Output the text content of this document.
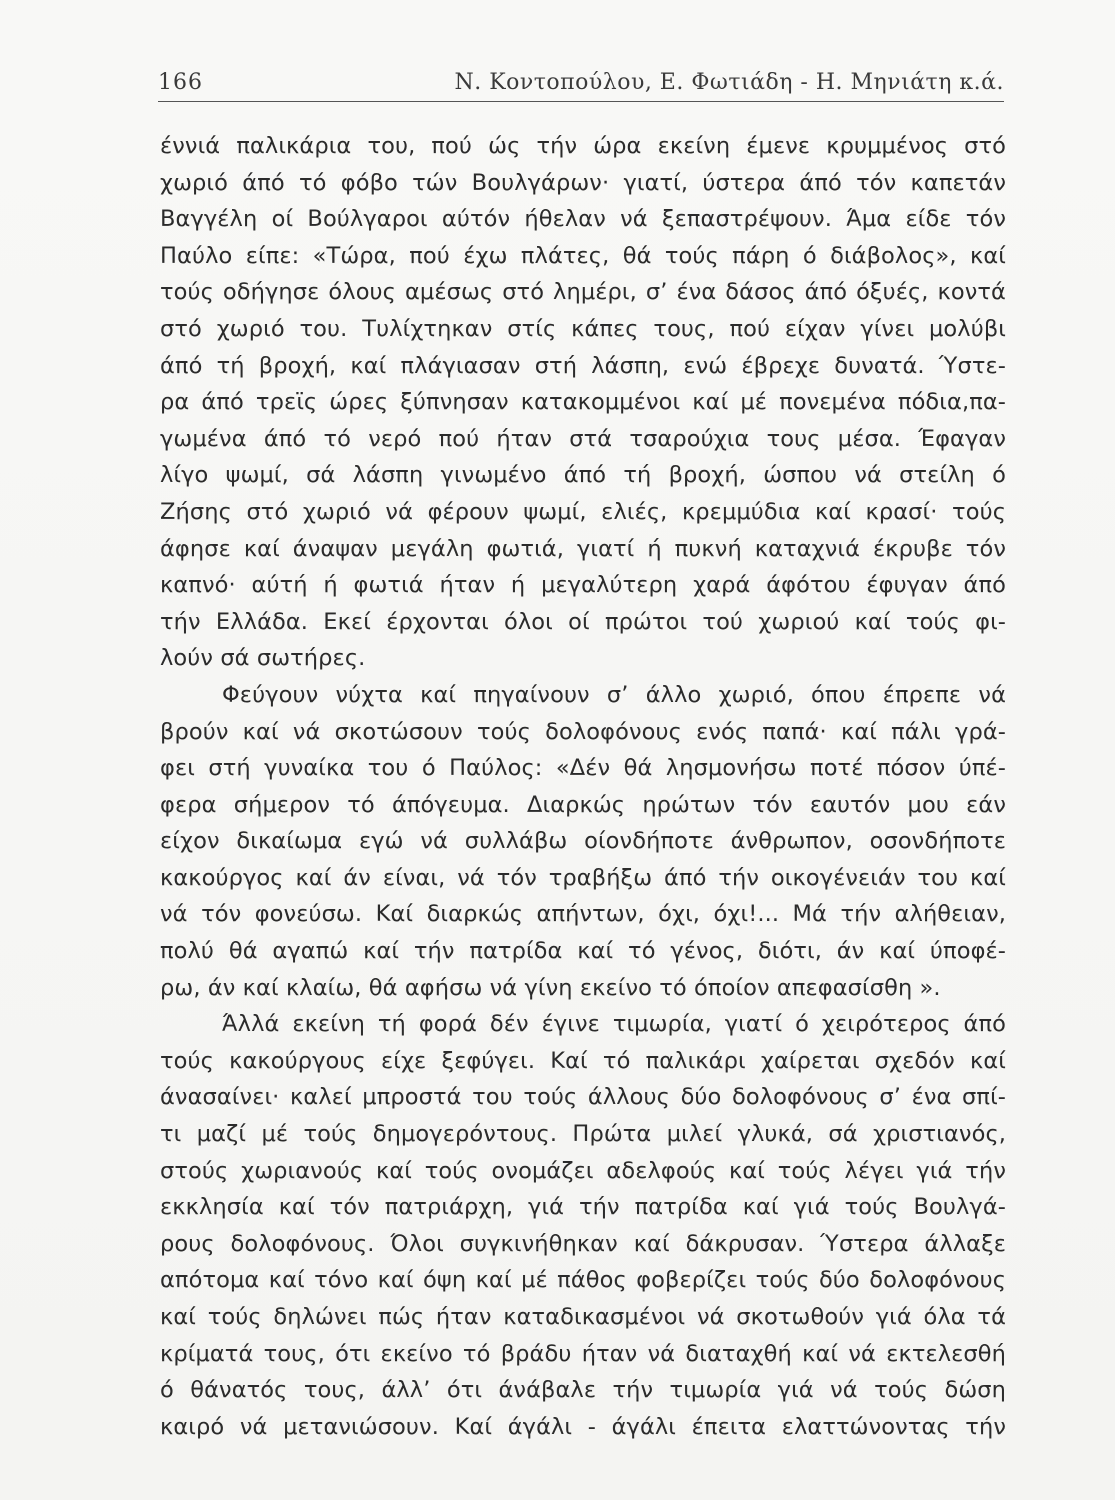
166	Ν. Κοντοπούλου, Ε. Φωτιάδη - Η. Μηνιάτη κ.ά.
έννιά παλικάρια του, πού ώς τήν ώρα εκείνη έμενε κρυμμένος στό
χωριό άπό τό φόβο τών Βουλγάρων· γιατί, ύστερα άπό τόν καπετάν
Βαγγέλη οί Βούλγαροι αύτόν ήθελαν νά ξεπαστρέψουν. Άμα είδε τόν
Παύλο είπε: «Τώρα, πού έχω πλάτες, θά τούς πάρη ό διάβολος», καί
τούς οδήγησε όλους αμέσως στό λημέρι, σ’ ένα δάσος άπό όξυές, κοντά
στό χωριό του. Τυλίχτηκαν στίς κάπες τους, πού είχαν γίνει μολύβι
άπό τή βροχή, καί πλάγιασαν στή λάσπη, ενώ έβρεχε δυνατά. Ύστε-
ρα άπό τρεϊς ώρες ξύπνησαν κατακομμένοι καί μέ πονεμένα πόδια,πα-
γωμένα άπό τό νερό πού ήταν στά τσαρούχια τους μέσα. Έφαγαν
λίγο ψωμί, σά λάσπη γινωμένο άπό τή βροχή, ώσπου νά στείλη ό
Ζήσης στό χωριό νά φέρουν ψωμί, ελιές, κρεμμύδια καί κρασί· τούς
άφησε καί άναψαν μεγάλη φωτιά, γιατί ή πυκνή καταχνιά έκρυβε τόν
καπνό· αύτή ή φωτιά ήταν ή μεγαλύτερη χαρά άφότου έφυγαν άπό
τήν Ελλάδα. Εκεί έρχονται όλοι οί πρώτοι τού χωριού καί τούς φι-
λούν σά σωτήρες.
Φεύγουν νύχτα καί πηγαίνουν σ’ άλλο χωριό, όπου έπρεπε νά
βρούν καί νά σκοτώσουν τούς δολοφόνους ενός παπά· καί πάλι γρά-
φει στή γυναίκα του ό Παύλος: «Δέν θά λησμονήσω ποτέ πόσον ύπέ-
φερα σήμερον τό άπόγευμα. Διαρκώς ηρώτων τόν εαυτόν μου εάν
είχον δικαίωμα εγώ νά συλλάβω οίονδήποτε άνθρωπον, οσονδήποτε
κακούργος καί άν είναι, νά τόν τραβήξω άπό τήν οικογένειάν του καί
νά τόν φονεύσω. Καί διαρκώς απήντων, όχι, όχι!... Μά τήν αλήθειαν,
πολύ θά αγαπώ καί τήν πατρίδα καί τό γένος, διότι, άν καί ύποφέ-
ρω, άν καί κλαίω, θά αφήσω νά γίνη εκείνο τό όποίον απεφασίσθη ».
Άλλά εκείνη τή φορά δέν έγινε τιμωρία, γιατί ό χειρότερος άπό
τούς κακούργους είχε ξεφύγει. Καί τό παλικάρι χαίρεται σχεδόν καί
άνασαίνει· καλεί μπροστά του τούς άλλους δύο δολοφόνους σ’ ένα σπί-
τι μαζί μέ τούς δημογερόντους. Πρώτα μιλεί γλυκά, σά χριστιανός,
στούς χωριανούς καί τούς ονομάζει αδελφούς καί τούς λέγει γιά τήν
εκκλησία καί τόν πατριάρχη, γιά τήν πατρίδα καί γιά τούς Βουλγά-
ρους δολοφόνους. Όλοι συγκινήθηκαν καί δάκρυσαν. Ύστερα άλλαξε
απότομα καί τόνο καί όψη καί μέ πάθος φοβερίζει τούς δύο δολοφόνους
καί τούς δηλώνει πώς ήταν καταδικασμένοι νά σκοτωθούν γιά όλα τά
κρίματά τους, ότι εκείνο τό βράδυ ήταν νά διαταχθή καί νά εκτελεσθή
ό θάνατός τους, άλλ’ ότι άνάβαλε τήν τιμωρία γιά νά τούς δώση
καιρό νά μετανιώσουν. Καί άγάλι - άγάλι έπειτα ελαττώνοντας τήν
